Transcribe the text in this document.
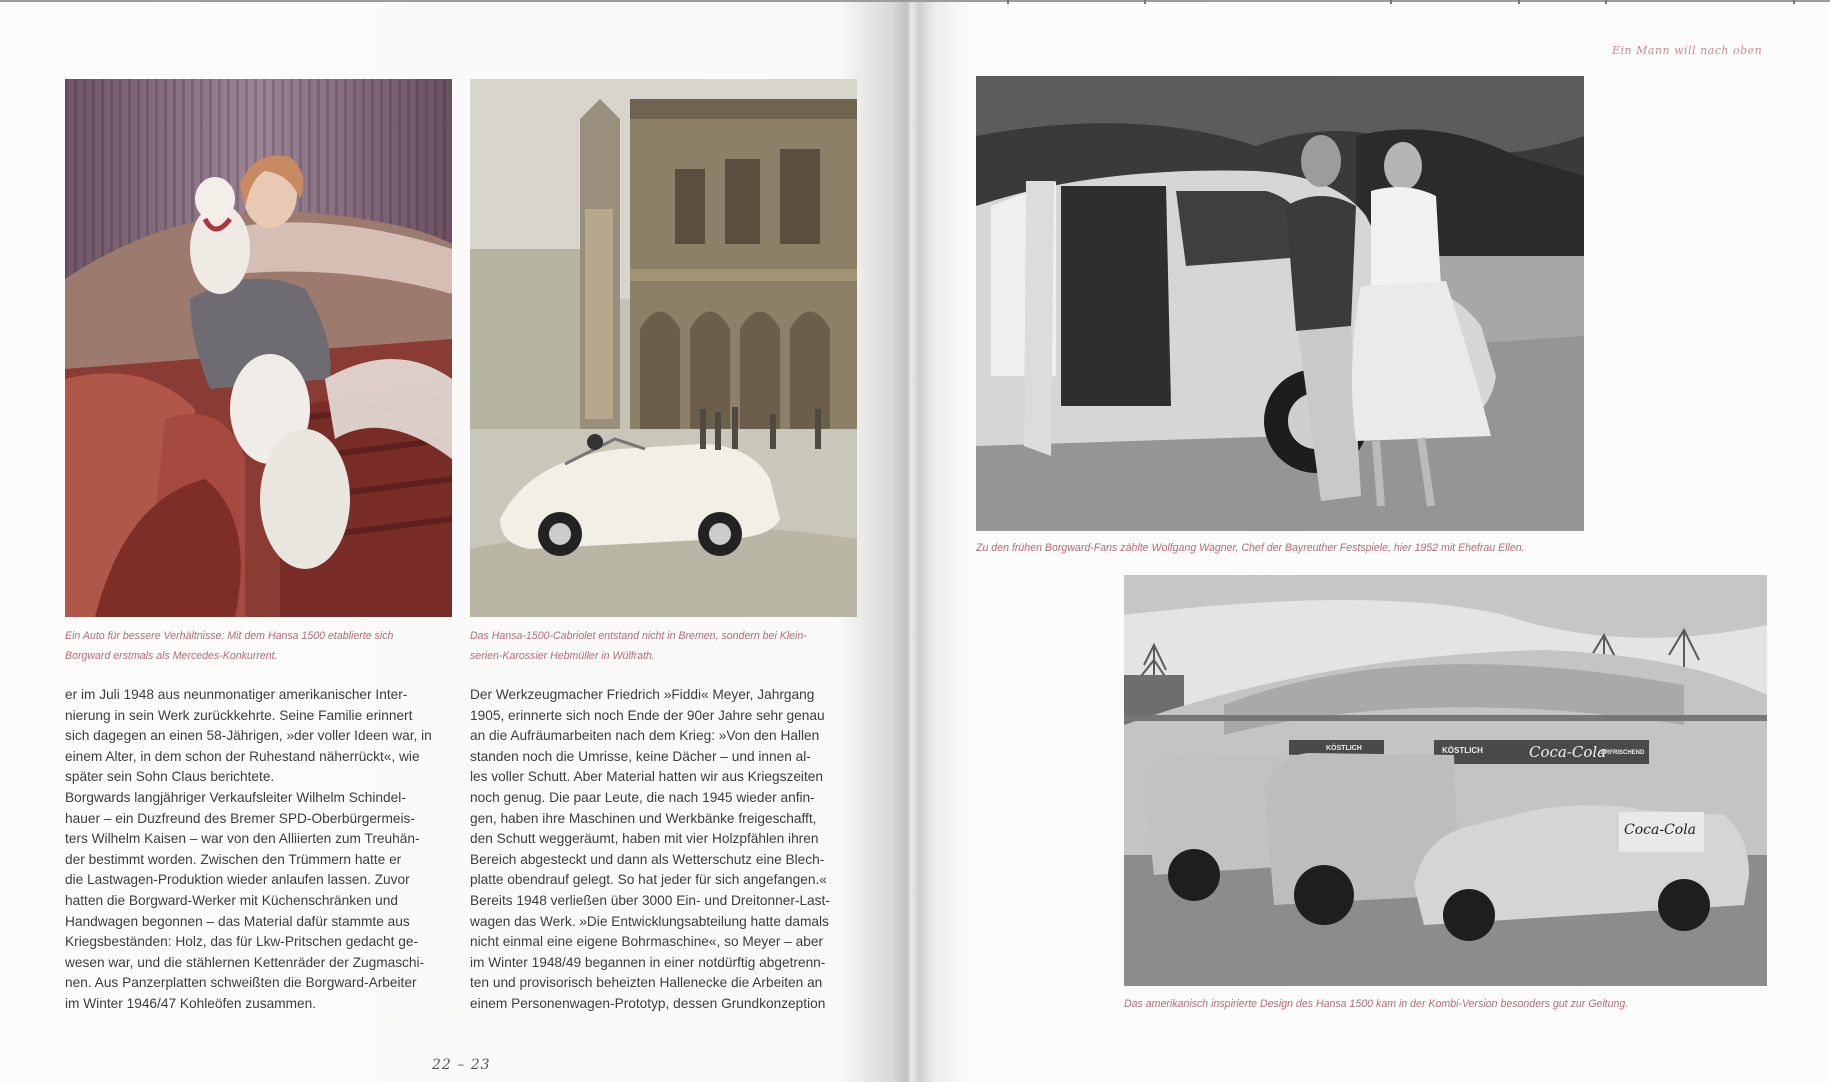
Ein Mann will nach oben
Ein Auto für bessere Verhältnisse: Mit dem Hansa 1500 etablierte sich
Borgward erstmals als Mercedes-Konkurrent.
Das Hansa-1500-Cabriolet entstand nicht in Bremen, sondern bei Klein-
serien-Karossier Hebmüller in Wülfrath.
er im Juli 1948 aus neunmonatiger amerikanischer Inter-
nierung in sein Werk zurückkehrte. Seine Familie erinnert
sich dagegen an einen 58-Jährigen, »der voller Ideen war, in
einem Alter, in dem schon der Ruhestand näherrückt«, wie
später sein Sohn Claus berichtete.
Borgwards langjähriger Verkaufsleiter Wilhelm Schindel-
hauer – ein Duzfreund des Bremer SPD-Oberbürgermeis-
ters Wilhelm Kaisen – war von den Alliierten zum Treuhän-
der bestimmt worden. Zwischen den Trümmern hatte er
die Lastwagen-Produktion wieder anlaufen lassen. Zuvor
hatten die Borgward-Werker mit Küchenschränken und
Handwagen begonnen – das Material dafür stammte aus
Kriegsbeständen: Holz, das für Lkw-Pritschen gedacht ge-
wesen war, und die stählernen Kettenräder der Zugmaschi-
nen. Aus Panzerplatten schweißten die Borgward-Arbeiter
im Winter 1946/47 Kohleöfen zusammen.
Der Werkzeugmacher Friedrich »Fiddi« Meyer, Jahrgang
1905, erinnerte sich noch Ende der 90er Jahre sehr genau
an die Aufräumarbeiten nach dem Krieg: »Von den Hallen
standen noch die Umrisse, keine Dächer – und innen al-
les voller Schutt. Aber Material hatten wir aus Kriegszeiten
noch genug. Die paar Leute, die nach 1945 wieder anfin-
gen, haben ihre Maschinen und Werkbänke freigeschafft,
den Schutt weggeräumt, haben mit vier Holzpfählen ihren
Bereich abgesteckt und dann als Wetterschutz eine Blech-
platte obendrauf gelegt. So hat jeder für sich angefangen.«
Bereits 1948 verließen über 3000 Ein- und Dreitonner-Last-
wagen das Werk. »Die Entwicklungsabteilung hatte damals
nicht einmal eine eigene Bohrmaschine«, so Meyer – aber
im Winter 1948/49 begannen in einer notdürftig abgetrenn-
ten und provisorisch beheizten Hallenecke die Arbeiten an
einem Personenwagen-Prototyp, dessen Grundkonzeption
22 – 23
Zu den frühen Borgward-Fans zählte Wolfgang Wagner, Chef der Bayreuther Festspiele, hier 1952 mit Ehefrau Ellen.
KÖSTLICH	KÖSTLICH	Coca-Cola
ERFRISCHEND
Coca-Cola
Das amerikanisch inspirierte Design des Hansa 1500 kam in der Kombi-Version besonders gut zur Geltung.
